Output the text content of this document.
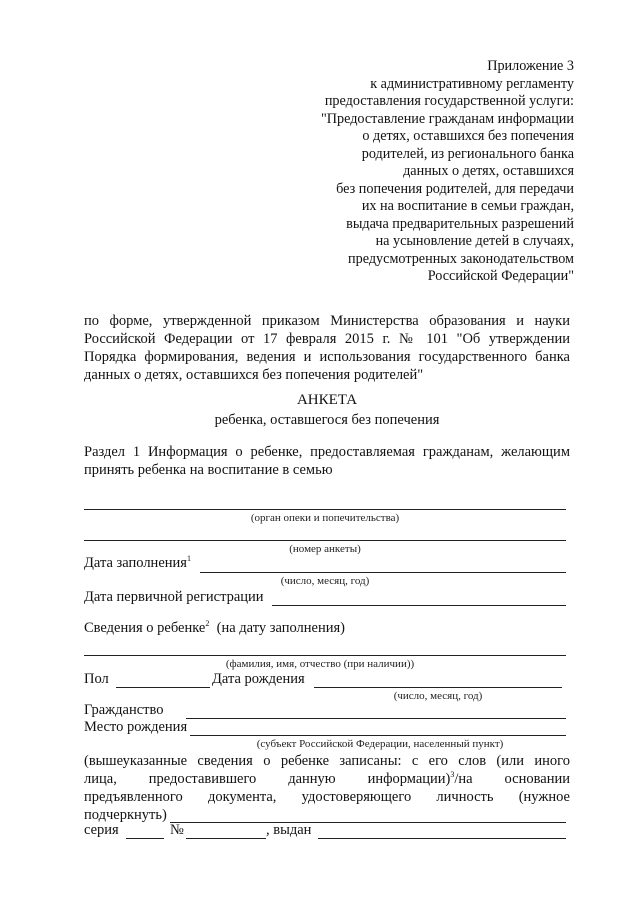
Приложение 3
к административному регламенту
предоставления государственной услуги:
"Предоставление гражданам информации
о детях, оставшихся без попечения
родителей, из регионального банка
данных о детях, оставшихся
без попечения родителей, для передачи
их на воспитание в семьи граждан,
выдача предварительных разрешений
на усыновление детей в случаях,
предусмотренных законодательством
Российской Федерации"
по форме, утвержденной приказом Министерства образования и науки
Российской Федерации от 17 февраля 2015 г. № 101 "Об утверждении
Порядка формирования, ведения и использования государственного банка
данных о детях, оставшихся без попечения родителей"
АНКЕТА
ребенка, оставшегося без попечения
Раздел 1 Информация о ребенке, предоставляемая гражданам, желающим
принять ребенка на воспитание в семью
(орган опеки и попечительства)
(номер анкеты)
Дата заполнения$^1$
(число, месяц, год)
Дата первичной регистрации
Сведения о ребенке$^2$ (на дату заполнения)
(фамилия, имя, отчество (при наличии))
Пол	Дата рождения
(число, месяц, год)
Гражданство
Место рождения
(субъект Российской Федерации, населенный пункт)
(вышеуказанные сведения о ребенке записаны: с его слов (или иного
лица, предоставившего данную информации)$^3$/на основании
предъявленного документа, удостоверяющего личность (нужное
подчеркнуть)
серия	№	, выдан
